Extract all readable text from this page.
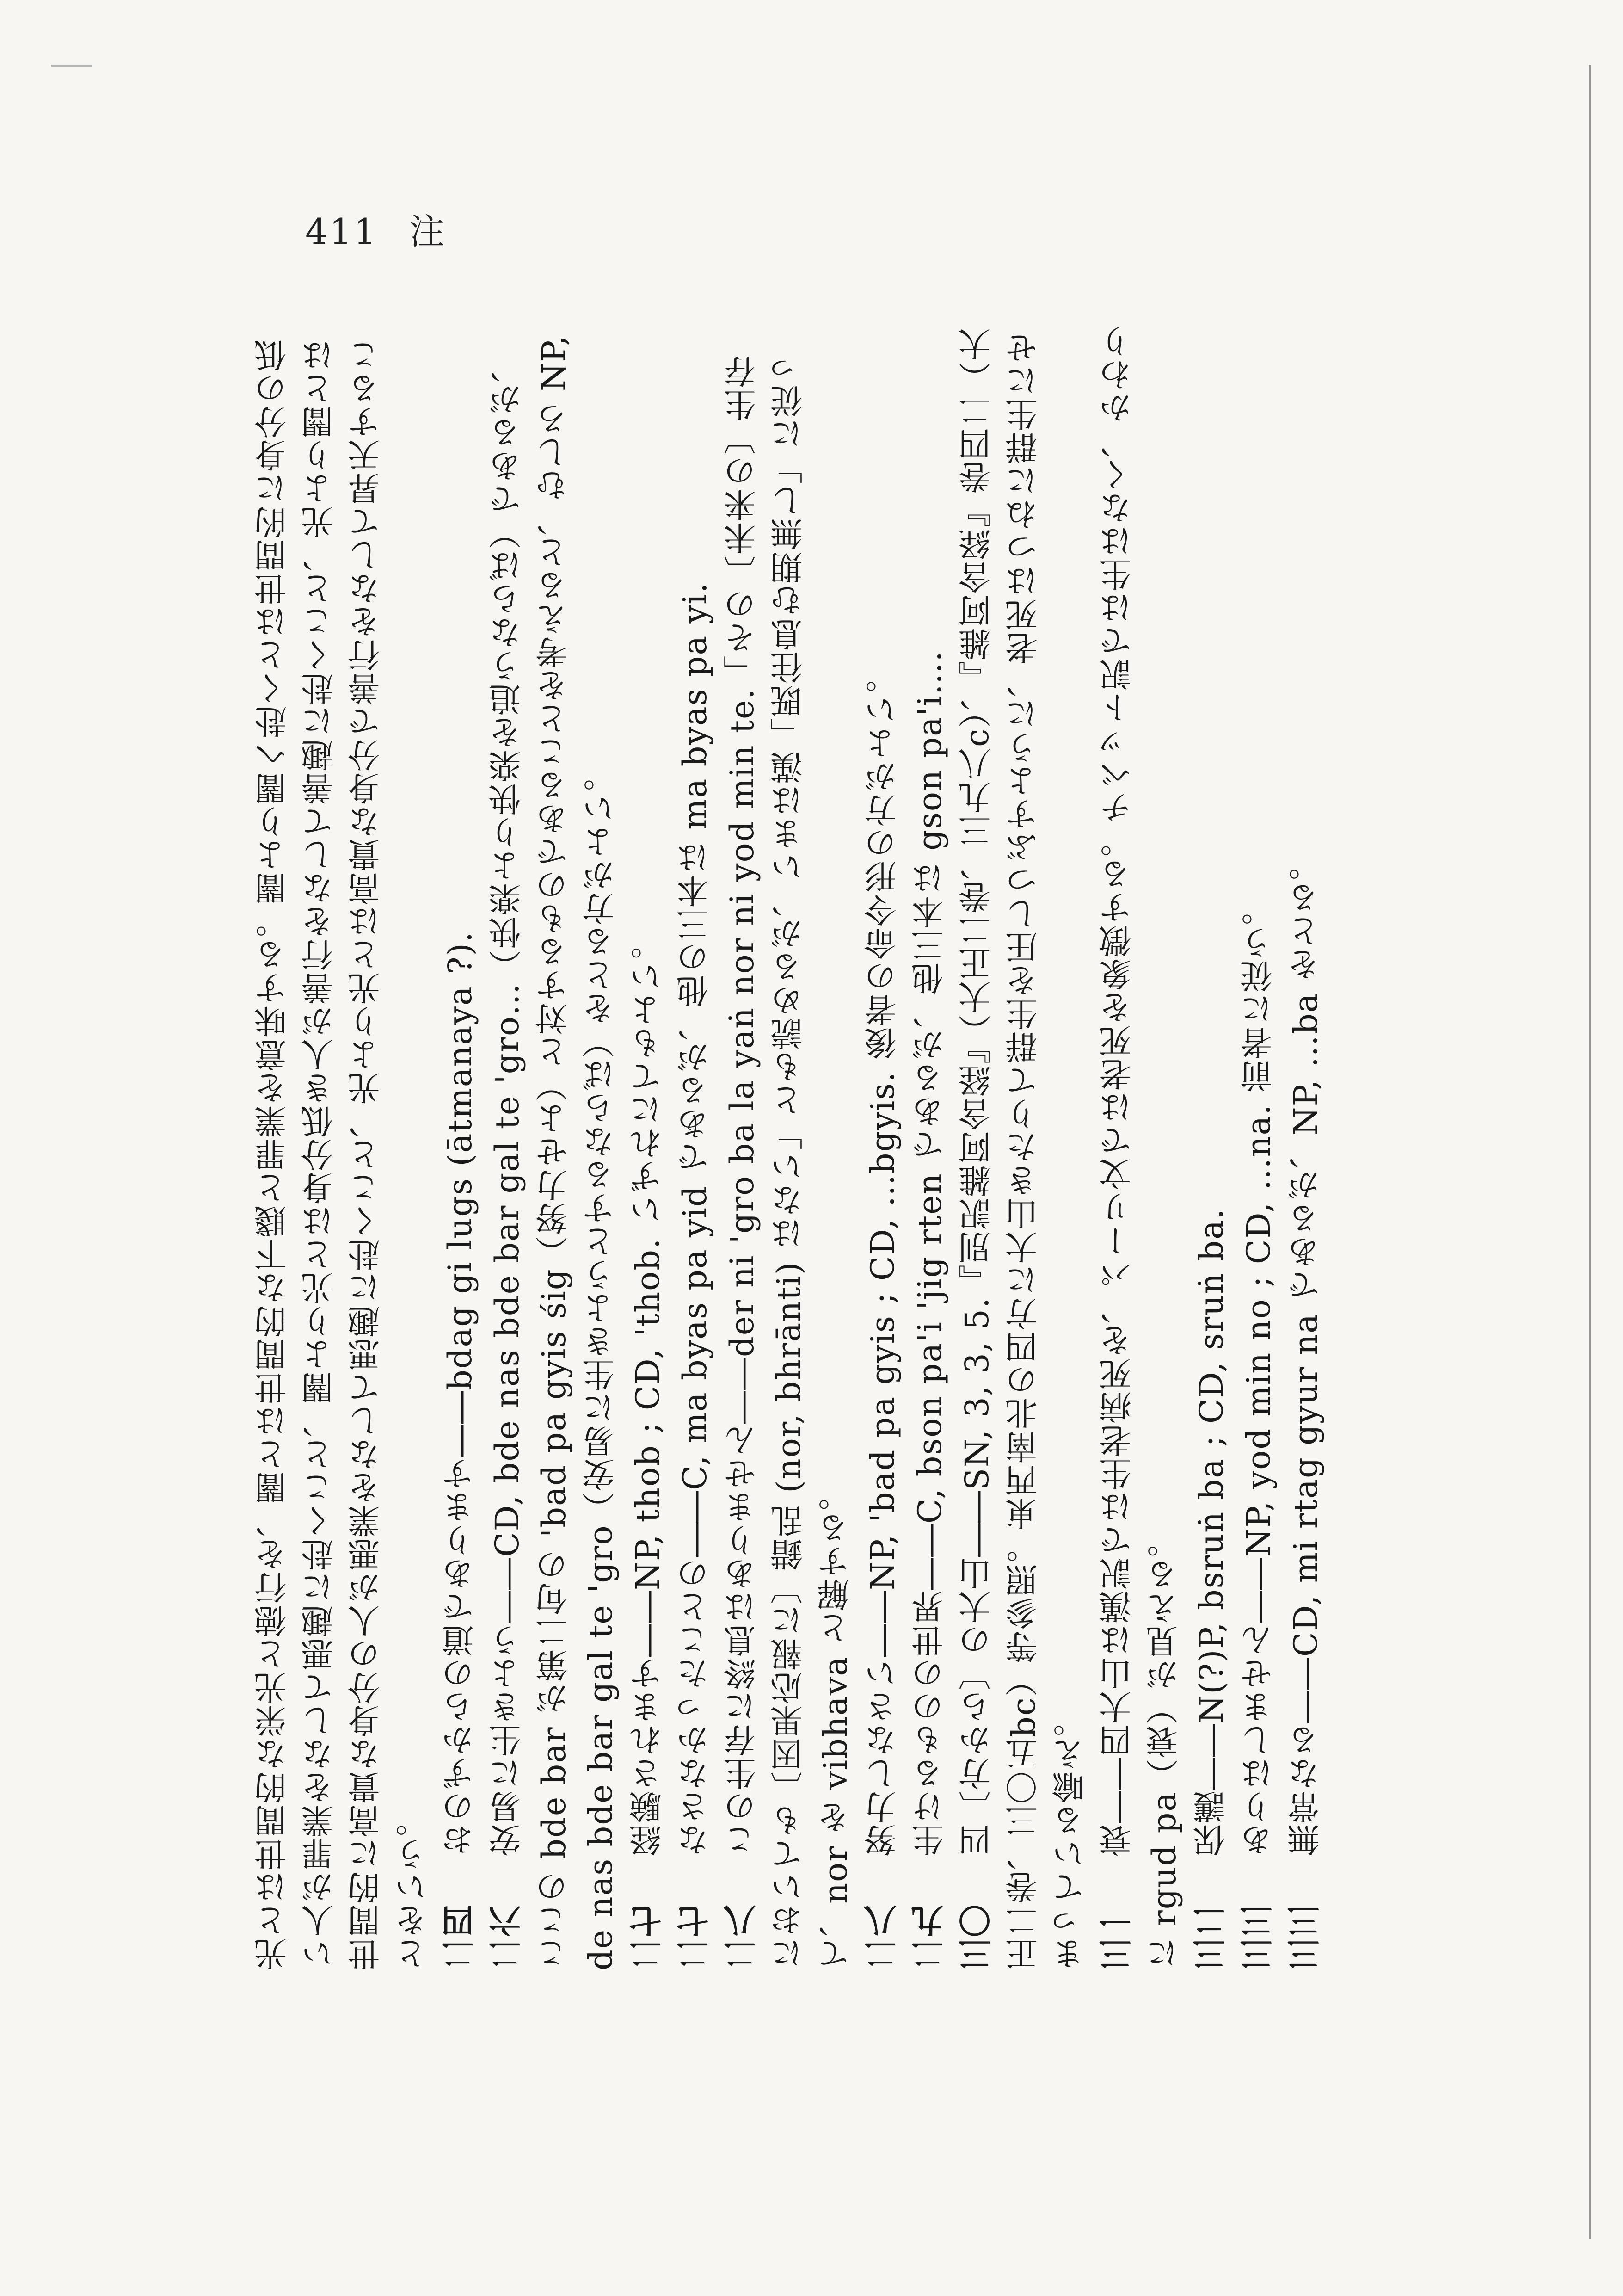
411 注

光とは世間的な栄光と徳行を、闇とは世間的な下賤と罪業を意味する。闇より闇へ赴くとは世間的に身分の低い人が罪業をなして悪趣に赴くこと、闇より光とは身分低き人が善行をなして善趣に赴くこと、光より闇とは世間的に高貴な身分の人が悪業をなして悪趣に赴くこと、光より光とは高貴な身分で善行をなして昇天することをいう。 二四　おのずからの道であります――bdag gi lugs (ātmanaya ?).

二六　安易に生きよう――CD, bde nas bde bar gal te 'gro…（快楽より快楽を追うならば）であるが、ここの bde bar が第二句の 'bad pa gyis śig（努力せよ）と対するものであることを考えると、むしろ NP, de nas bde bar gal te 'gro（安易に生きようとするならば）をとる方がよい。 二七　経験されます――NP, thob ; CD, 'thob. いずれにてもよい。

二七　なさなかったことの――C, ma byas pa yid であるが、他の三本は ma byas pa yi.

二八　この生存に終息はありません――der ni 'gro ba la yaṅ nor ni yod min te.「その〔未来の〕生存においても〔因果応報に〕錯乱 (nor, bhrānti) はない」とも読めるが、いまは漢「既往息む期無し」に従って、nor を vibhava と解する。 二八　努力しなさい――NP, 'bad pa gyis ; CD, …bgyis. 後者の命令形の方がよい。

二九　生けるものの世界――C, bson pa'i 'jig rten であるが、他三本は gson pa'i….

三〇　四〔方から〕の大山――SN, 3, 3, 5.『別訳雑阿含経』（大正二巻、三九八c）、『雑阿含経』巻四二（大正二巻、三〇五bc）等参照。東西南北の四方に大山きたりて群生を圧しつぶすように、老死はつねに群生にせまっている喩え。 三一　衰――四大山は漢訳では生老病死を、パーリ文では老死を象徴する。チベット訳では生はなく、かわりに rgud pa（衰）が見える。 三二　保護――N(?)P, bsruṅ ba ; CD, sruṅ ba.

三三　ありはしません――NP, yod min no ; CD, …na. 前者に従う。

三三　無常なる――CD, mi rtag gyur na であるが、NP, …ba をとる。
